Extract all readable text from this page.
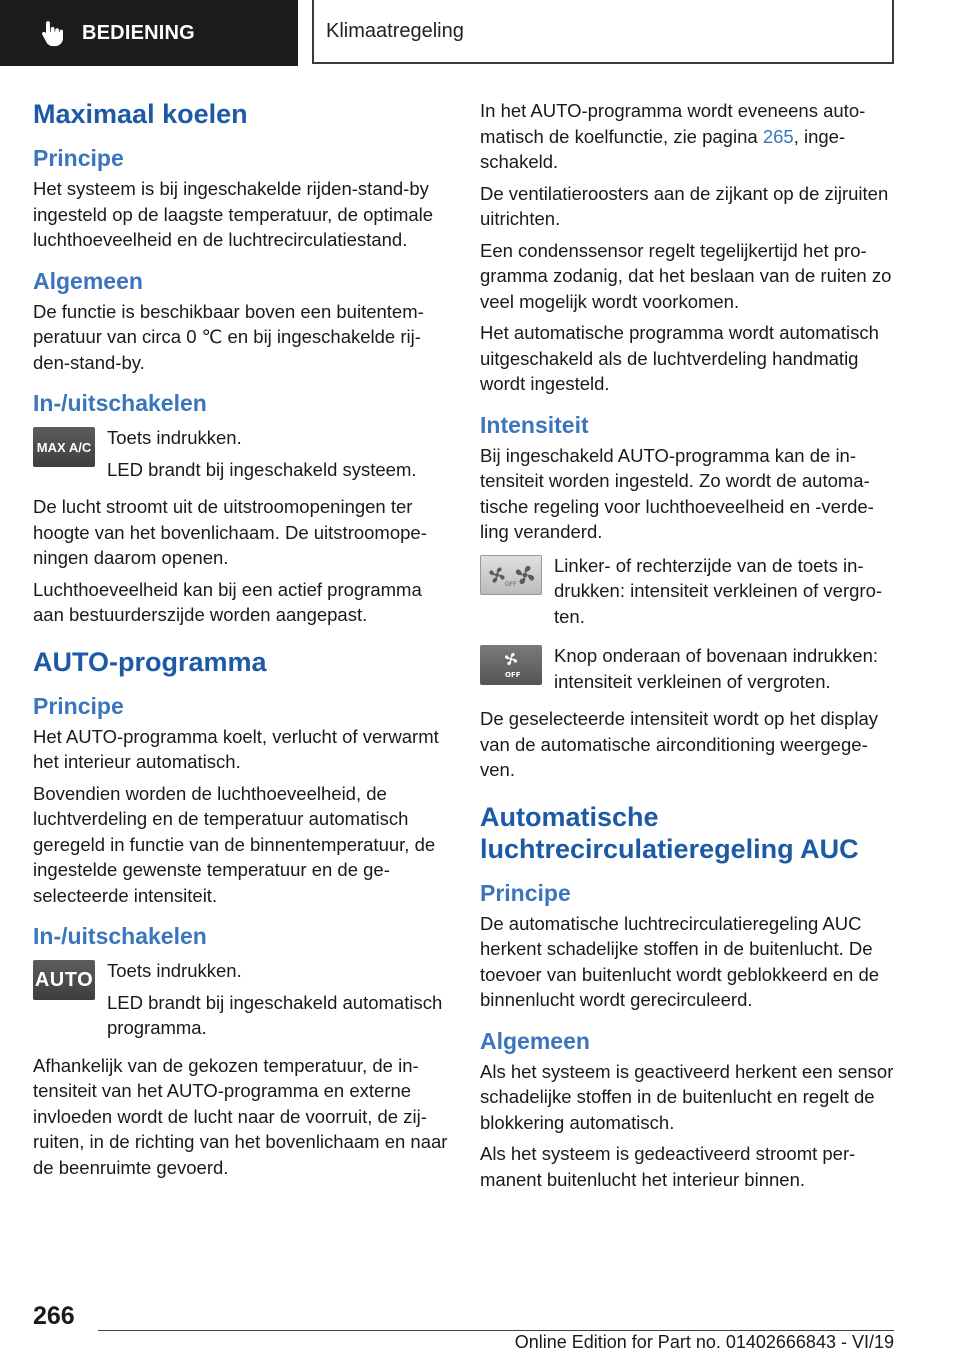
BEDIENING	Klimaatregeling
Maximaal koelen
Principe

Het systeem is bij ingeschakelde rijden-stand-by ingesteld op de laagste temperatuur, de optimale luchthoeveelheid en de luchtrecirculatiestand.

Algemeen

De functie is beschikbaar boven een buitentemperatuur van circa 0 ℃ en bij ingeschakelde rijden-stand-by.

In-/uitschakelen
MAX A/C Toets indrukken.

LED brandt bij ingeschakeld systeem.

De lucht stroomt uit de uitstroomopeningen ter hoogte van het bovenlichaam. De uitstroomopeningen daarom openen.

Luchthoeveelheid kan bij een actief programma aan bestuurderszijde worden aangepast.

AUTO-programma
Principe

Het AUTO-programma koelt, verlucht of verwarmt het interieur automatisch.

Bovendien worden de luchthoeveelheid, de luchtverdeling en de temperatuur automatisch geregeld in functie van de binnentemperatuur, de ingestelde gewenste temperatuur en de geselecteerde intensiteit.

In-/uitschakelen
AUTO Toets indrukken.

LED brandt bij ingeschakeld automatisch programma.

Afhankelijk van de gekozen temperatuur, de intensiteit van het AUTO-programma en externe invloeden wordt de lucht naar de voorruit, de zijruiten, in de richting van het bovenlichaam en naar de beenruimte gevoerd.

In het AUTO-programma wordt eveneens automatisch de koelfunctie, zie pagina 265, ingeschakeld.

De ventilatieroosters aan de zijkant op de zijruiten uitrichten.

Een condenssensor regelt tegelijkertijd het programma zodanig, dat het beslaan van de ruiten zo veel mogelijk wordt voorkomen.

Het automatische programma wordt automatisch uitgeschakeld als de luchtverdeling handmatig wordt ingesteld.

Intensiteit

Bij ingeschakeld AUTO-programma kan de intensiteit worden ingesteld. Zo wordt de automatische regeling voor luchthoeveelheid en -verdeling veranderd.

OFF

Linker- of rechterzijde van de toets indrukken: intensiteit verkleinen of vergroten.

OFF

Knop onderaan of bovenaan indrukken: intensiteit verkleinen of vergroten.

De geselecteerde intensiteit wordt op het display van de automatische airconditioning weergegeven.

Automatische luchtrecirculatieregeling AUC
Principe

De automatische luchtrecirculatieregeling AUC herkent schadelijke stoffen in de buitenlucht. De toevoer van buitenlucht wordt geblokkeerd en de binnenlucht wordt gerecirculeerd.

Algemeen

Als het systeem is geactiveerd herkent een sensor schadelijke stoffen in de buitenlucht en regelt de blokkering automatisch.

Als het systeem is gedeactiveerd stroomt permanent buitenlucht het interieur binnen.

266
Online Edition for Part no. 01402666843 - VI/19
